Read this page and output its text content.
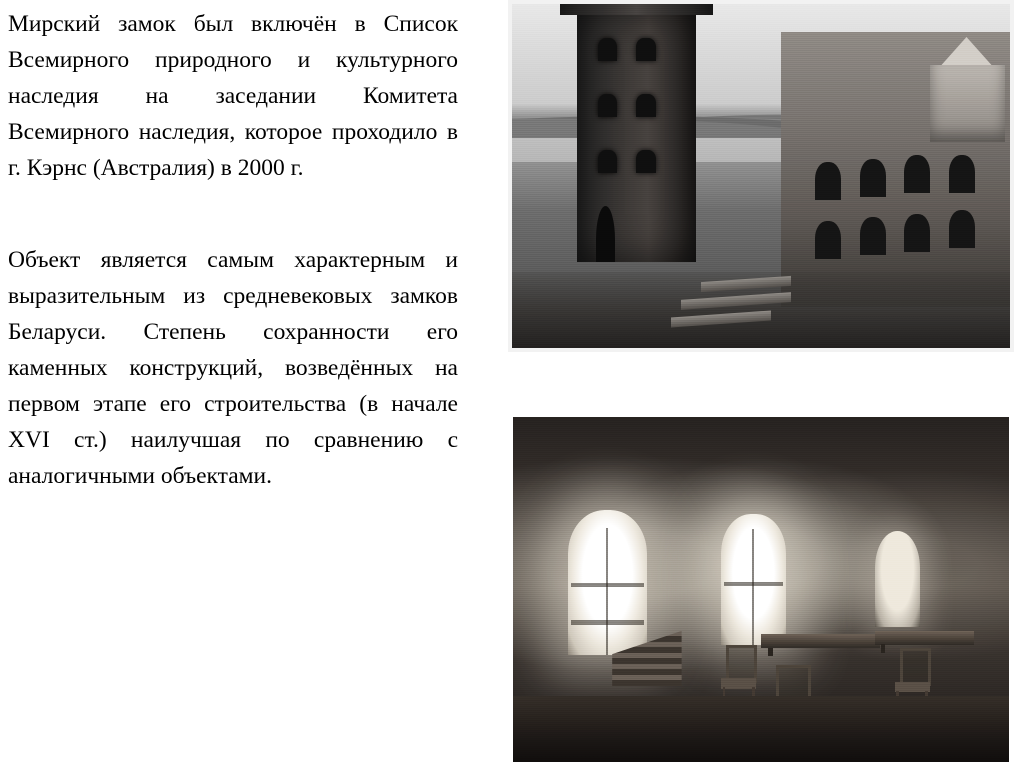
Мирский замок был включён в Список Всемирного природного и культурного наследия на заседании Комитета Всемирного наследия, которое проходило в г. Кэрнс (Австралия) в 2000 г.

Объект является самым характерным и выразительным из средневековых замков Беларуси. Степень сохранности его каменных конструкций, возведённых на первом этапе его строительства (в начале XVI ст.) наилучшая по сравнению с аналогичными объектами.
